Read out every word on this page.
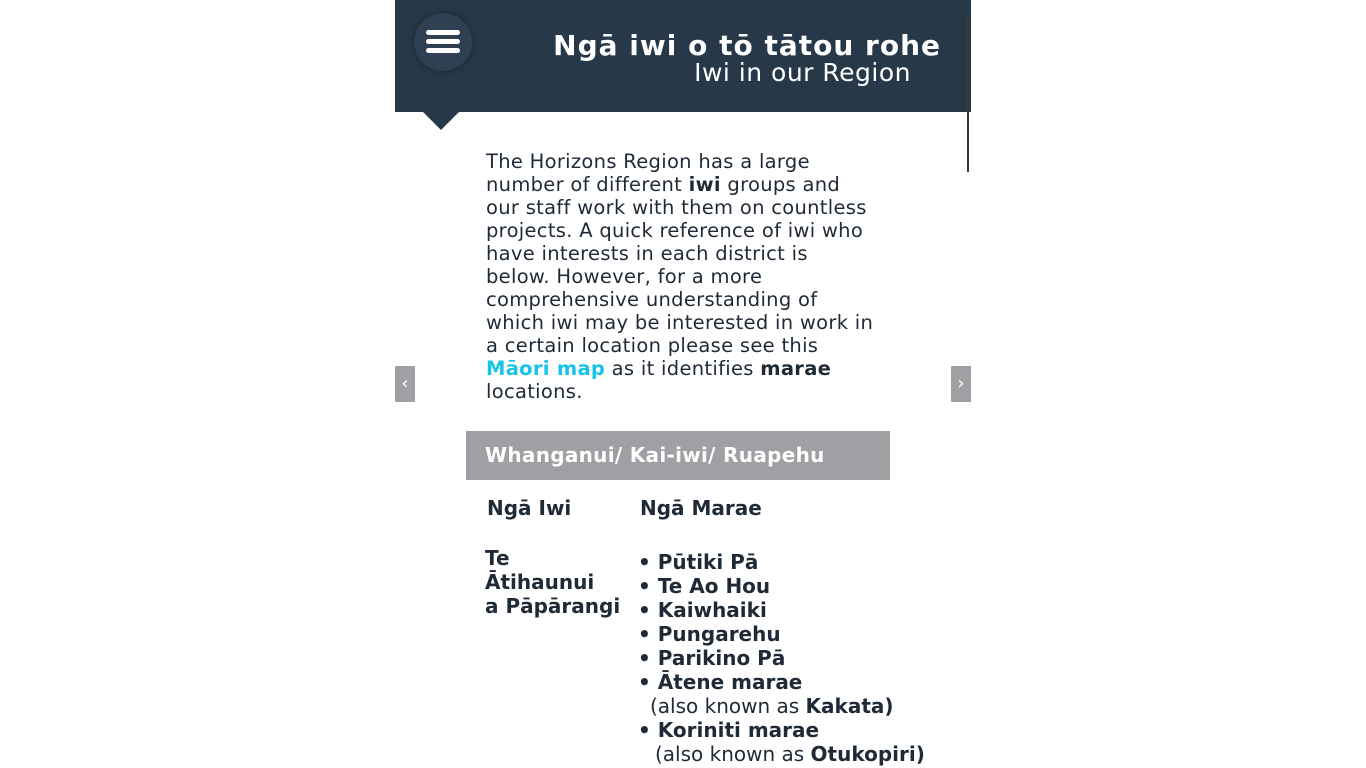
Ngā iwi o tō tātou rohe
Iwi in our Region
The Horizons Region has a large number of different iwi groups and our staff work with them on countless projects. A quick reference of iwi who have interests in each district is below. However, for a more comprehensive understanding of which iwi may be interested in work in a certain location please see this Māori map as it identifies marae locations.
‹	›
Whanganui/ Kai-iwi/ Ruapehu
Ngā Iwi	Ngā Marae
Te Ātihaunui
a Pāpārangi
• Pūtiki Pā
• Te Ao Hou
• Kaiwhaiki
• Pungarehu
• Parikino Pā
• Ātene marae
(also known as Kakata)
• Koriniti marae
(also known as Otukopiri)
